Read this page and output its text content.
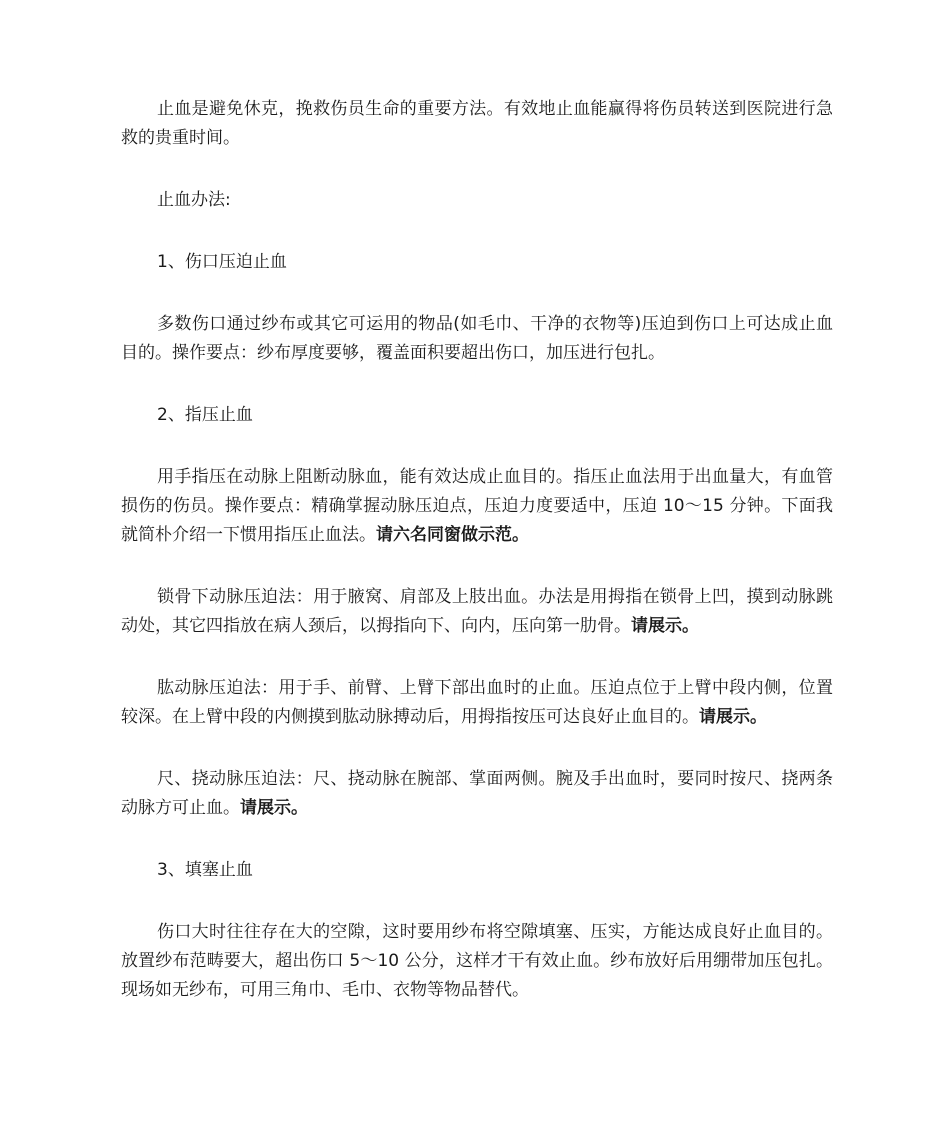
止血是避免休克，挽救伤员生命的重要方法。有效地止血能赢得将伤员转送到医院进行急救的贵重时间。

止血办法:

1、伤口压迫止血

多数伤口通过纱布或其它可运用的物品(如毛巾、干净的衣物等)压迫到伤口上可达成止血目的。操作要点：纱布厚度要够，覆盖面积要超出伤口，加压进行包扎。

2、指压止血

用手指压在动脉上阻断动脉血，能有效达成止血目的。指压止血法用于出血量大，有血管损伤的伤员。操作要点：精确掌握动脉压迫点，压迫力度要适中，压迫 10～15 分钟。下面我就简朴介绍一下惯用指压止血法。请六名同窗做示范。

锁骨下动脉压迫法：用于腋窝、肩部及上肢出血。办法是用拇指在锁骨上凹，摸到动脉跳动处，其它四指放在病人颈后，以拇指向下、向内，压向第一肋骨。请展示。

肱动脉压迫法：用于手、前臂、上臂下部出血时的止血。压迫点位于上臂中段内侧，位置较深。在上臂中段的内侧摸到肱动脉搏动后，用拇指按压可达良好止血目的。请展示。

尺、挠动脉压迫法：尺、挠动脉在腕部、掌面两侧。腕及手出血时，要同时按尺、挠两条动脉方可止血。请展示。

3、填塞止血

伤口大时往往存在大的空隙，这时要用纱布将空隙填塞、压实，方能达成良好止血目的。放置纱布范畴要大，超出伤口 5～10 公分，这样才干有效止血。纱布放好后用绷带加压包扎。现场如无纱布，可用三角巾、毛巾、衣物等物品替代。
